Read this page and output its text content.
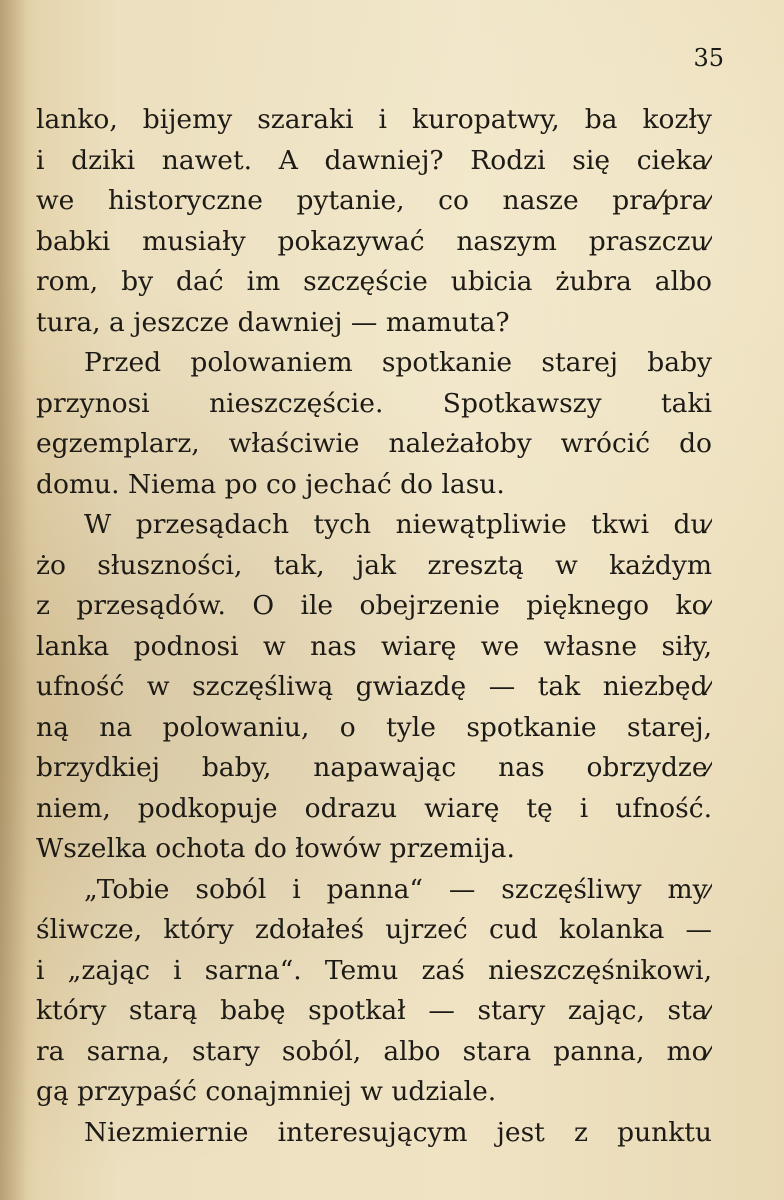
35

lanko, bijemy szaraki i kuropatwy, ba kozły
i dziki nawet. A dawniej? Rodzi się cieka⁄
we historyczne pytanie, co nasze pra⁄pra⁄
babki musiały pokazywać naszym praszczu⁄
rom, by dać im szczęście ubicia żubra albo
tura, a jeszcze dawniej — mamuta?

Przed polowaniem spotkanie starej baby
przynosi nieszczęście. Spotkawszy taki
egzemplarz, właściwie należałoby wrócić do
domu. Niema po co jechać do lasu.

W przesądach tych niewątpliwie tkwi du⁄
żo słuszności, tak, jak zresztą w każdym
z przesądów. O ile obejrzenie pięknego ko⁄
lanka podnosi w nas wiarę we własne siły,
ufność w szczęśliwą gwiazdę — tak niezbęd⁄
ną na polowaniu, o tyle spotkanie starej,
brzydkiej baby, napawając nas obrzydze⁄
niem, podkopuje odrazu wiarę tę i ufność.
Wszelka ochota do łowów przemija.

„Tobie soból i panna“ — szczęśliwy my⁄
śliwcze, który zdołałeś ujrzeć cud kolanka —
i „zając i sarna“. Temu zaś nieszczęśnikowi,
który starą babę spotkał — stary zając, sta⁄
ra sarna, stary soból, albo stara panna, mo⁄
gą przypaść conajmniej w udziale.

Niezmiernie interesującym jest z punktu
